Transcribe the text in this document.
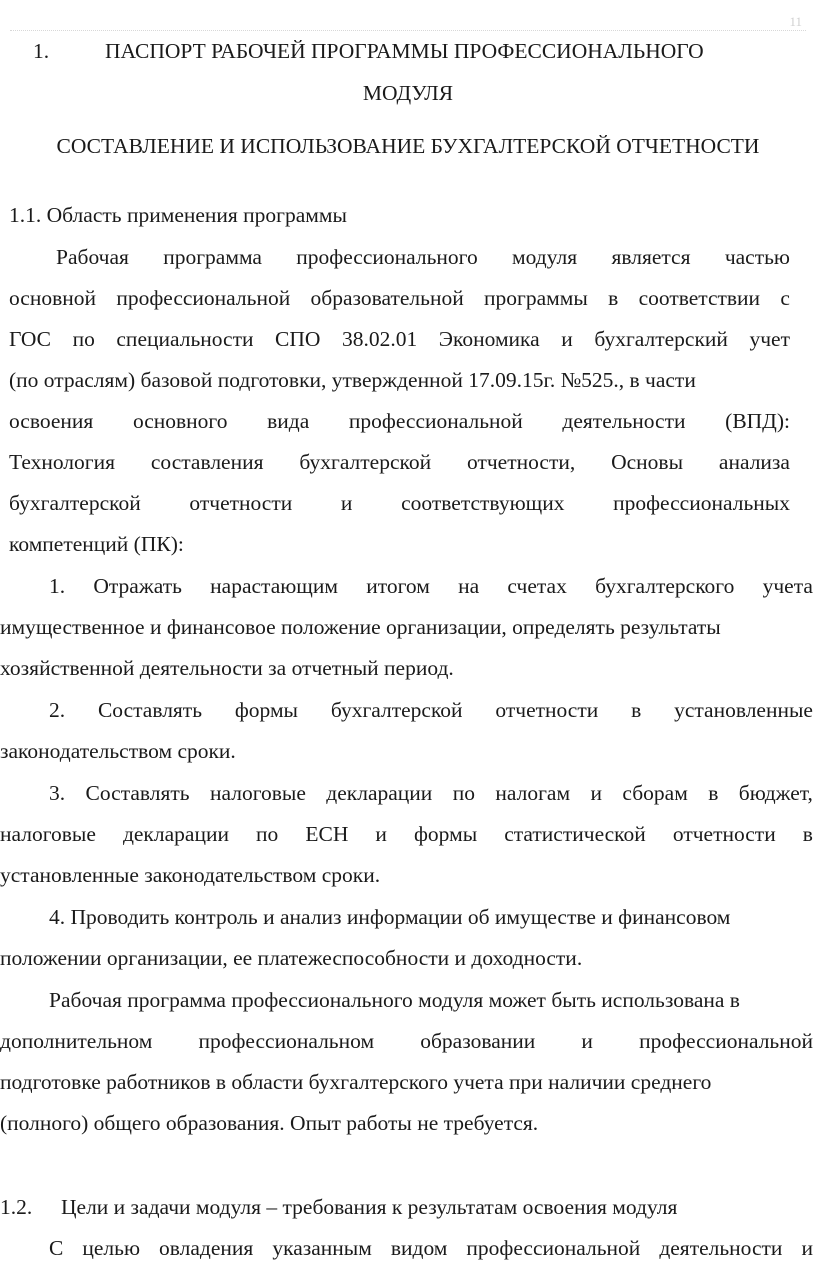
11
1.	ПАСПОРТ РАБОЧЕЙ ПРОГРАММЫ ПРОФЕССИОНАЛЬНОГО
МОДУЛЯ
СОСТАВЛЕНИЕ И ИСПОЛЬЗОВАНИЕ БУХГАЛТЕРСКОЙ ОТЧЕТНОСТИ
1.1. Область применения программы
Рабочая программа профессионального модуля является частью
основной профессиональной образовательной программы в соответствии с
ГОС по специальности СПО 38.02.01 Экономика и бухгалтерский учет
(по отраслям) базовой подготовки, утвержденной 17.09.15г. №525., в части
освоения основного вида профессиональной деятельности (ВПД):
Технология составления бухгалтерской отчетности, Основы анализа
бухгалтерской отчетности и соответствующих профессиональных
компетенций (ПК):
1. Отражать нарастающим итогом на счетах бухгалтерского учета
имущественное и финансовое положение организации, определять результаты
хозяйственной деятельности за отчетный период.
2. Составлять формы бухгалтерской отчетности в установленные
законодательством сроки.
3. Составлять налоговые декларации по налогам и сборам в бюджет,
налоговые декларации по ЕСН и формы статистической отчетности в
установленные законодательством сроки.
4. Проводить контроль и анализ информации об имуществе и финансовом
положении организации, ее платежеспособности и доходности.
Рабочая программа профессионального модуля может быть использована в
дополнительном профессиональном образовании и профессиональной
подготовке работников в области бухгалтерского учета при наличии среднего
(полного) общего образования. Опыт работы не требуется.
1.2. Цели и задачи модуля – требования к результатам освоения модуля
С целью овладения указанным видом профессиональной деятельности и
